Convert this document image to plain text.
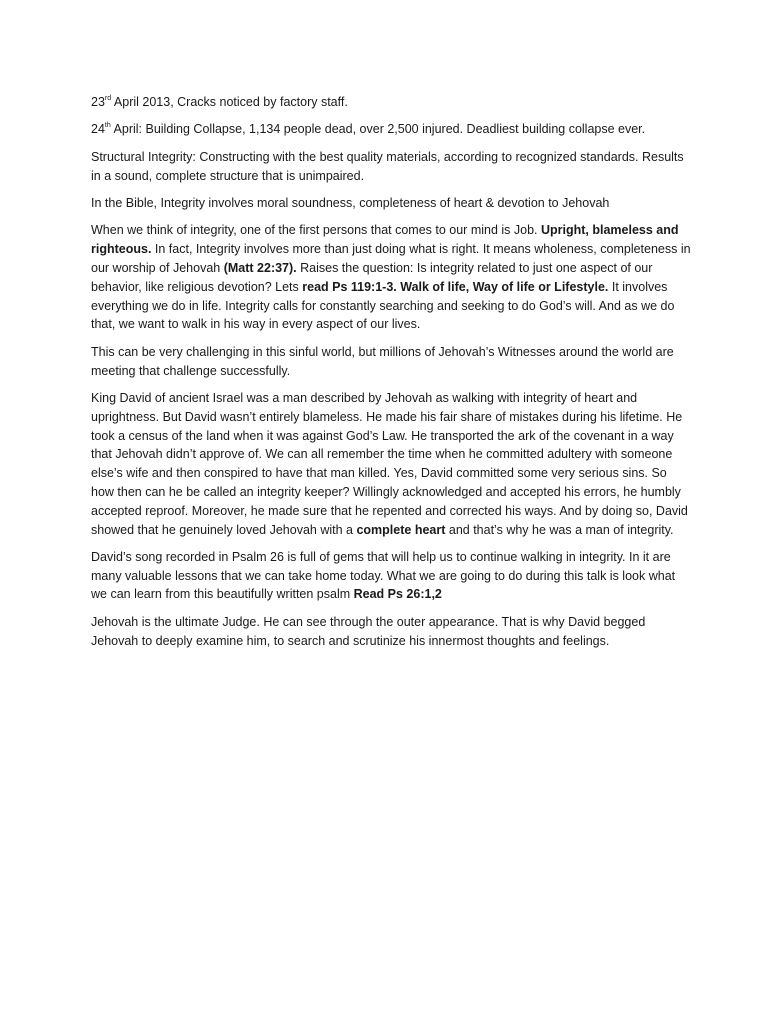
23rd April 2013, Cracks noticed by factory staff.

24th April: Building Collapse, 1,134 people dead, over 2,500 injured. Deadliest building collapse ever.

Structural Integrity: Constructing with the best quality materials, according to recognized standards. Results in a sound, complete structure that is unimpaired.

In the Bible, Integrity involves moral soundness, completeness of heart & devotion to Jehovah

When we think of integrity, one of the first persons that comes to our mind is Job. Upright, blameless and righteous. In fact, Integrity involves more than just doing what is right. It means wholeness, completeness in our worship of Jehovah (Matt 22:37). Raises the question: Is integrity related to just one aspect of our behavior, like religious devotion? Lets read Ps 119:1-3. Walk of life, Way of life or Lifestyle. It involves everything we do in life. Integrity calls for constantly searching and seeking to do God’s will. And as we do that, we want to walk in his way in every aspect of our lives.

This can be very challenging in this sinful world, but millions of Jehovah’s Witnesses around the world are meeting that challenge successfully.

King David of ancient Israel was a man described by Jehovah as walking with integrity of heart and uprightness. But David wasn’t entirely blameless. He made his fair share of mistakes during his lifetime. He took a census of the land when it was against God’s Law. He transported the ark of the covenant in a way that Jehovah didn’t approve of. We can all remember the time when he committed adultery with someone else’s wife and then conspired to have that man killed. Yes, David committed some very serious sins. So how then can he be called an integrity keeper? Willingly acknowledged and accepted his errors, he humbly accepted reproof. Moreover, he made sure that he repented and corrected his ways. And by doing so, David showed that he genuinely loved Jehovah with a complete heart and that’s why he was a man of integrity.

David’s song recorded in Psalm 26 is full of gems that will help us to continue walking in integrity. In it are many valuable lessons that we can take home today. What we are going to do during this talk is look what we can learn from this beautifully written psalm Read Ps 26:1,2

Jehovah is the ultimate Judge. He can see through the outer appearance. That is why David begged Jehovah to deeply examine him, to search and scrutinize his innermost thoughts and feelings.
